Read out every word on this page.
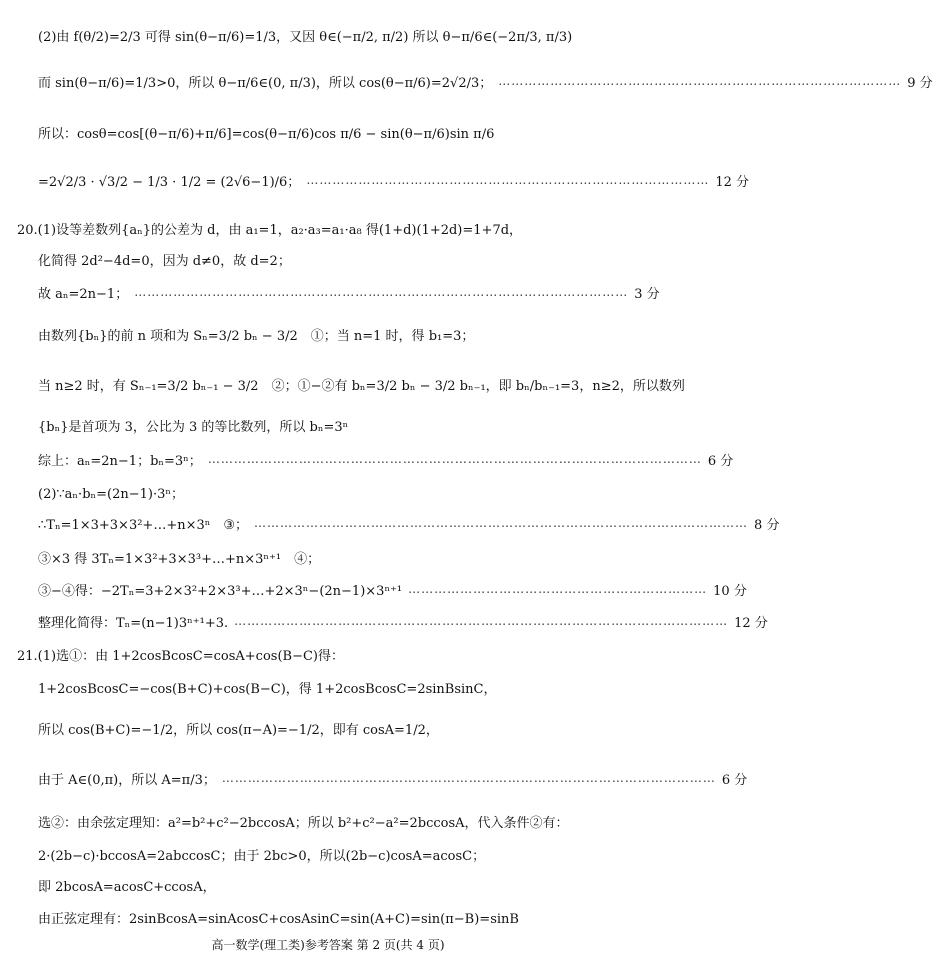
(2)由 f(θ/2)=2/3 可得 sin(θ−π/6)=1/3，又因 θ∈(−π/2, π/2) 所以 θ−π/6∈(−2π/3, π/3)
而 sin(θ−π/6)=1/3>0，所以 θ−π/6∈(0, π/3)，所以 cos(θ−π/6)=2√2/3； ………………………………………………………………………………… 9 分
所以：cosθ=cos[(θ−π/6)+π/6]=cos(θ−π/6)cos π/6 − sin(θ−π/6)sin π/6
=2√2/3 · √3/2 − 1/3 · 1/2 = (2√6−1)/6； ………………………………………………………………………………… 12 分
20.(1)设等差数列{aₙ}的公差为 d，由 a₁=1，a₂·a₃=a₁·a₈ 得(1+d)(1+2d)=1+7d，
化简得 2d²−4d=0，因为 d≠0，故 d=2；
故 aₙ=2n−1； …………………………………………………………………………………………………… 3 分
由数列{bₙ}的前 n 项和为 Sₙ=3/2 bₙ − 3/2　①；当 n=1 时，得 b₁=3；
当 n≥2 时，有 Sₙ₋₁=3/2 bₙ₋₁ − 3/2　②；①−②有 bₙ=3/2 bₙ − 3/2 bₙ₋₁，即 bₙ/bₙ₋₁=3，n≥2，所以数列
{bₙ}是首项为 3，公比为 3 的等比数列，所以 bₙ=3ⁿ
综上：aₙ=2n−1；bₙ=3ⁿ； …………………………………………………………………………………………………… 6 分
(2)∵aₙ·bₙ=(2n−1)·3ⁿ；
∴Tₙ=1×3+3×3²+…+n×3ⁿ　③； …………………………………………………………………………………………………… 8 分
③×3 得 3Tₙ=1×3²+3×3³+…+n×3ⁿ⁺¹　④；
③−④得：−2Tₙ=3+2×3²+2×3³+…+2×3ⁿ−(2n−1)×3ⁿ⁺¹ …………………………………………………………… 10 分
整理化简得：Tₙ=(n−1)3ⁿ⁺¹+3. …………………………………………………………………………………………………… 12 分
21.(1)选①：由 1+2cosBcosC=cosA+cos(B−C)得：
1+2cosBcosC=−cos(B+C)+cos(B−C)，得 1+2cosBcosC=2sinBsinC，
所以 cos(B+C)=−1/2，所以 cos(π−A)=−1/2，即有 cosA=1/2，
由于 A∈(0,π)，所以 A=π/3； …………………………………………………………………………………………………… 6 分
选②：由余弦定理知：a²=b²+c²−2bccosA；所以 b²+c²−a²=2bccosA，代入条件②有：
2·(2b−c)·bccosA=2abccosC；由于 2bc>0，所以(2b−c)cosA=acosC；
即 2bcosA=acosC+ccosA，
由正弦定理有：2sinBcosA=sinAcosC+cosAsinC=sin(A+C)=sin(π−B)=sinB
高一数学(理工类)参考答案 第 2 页(共 4 页)
